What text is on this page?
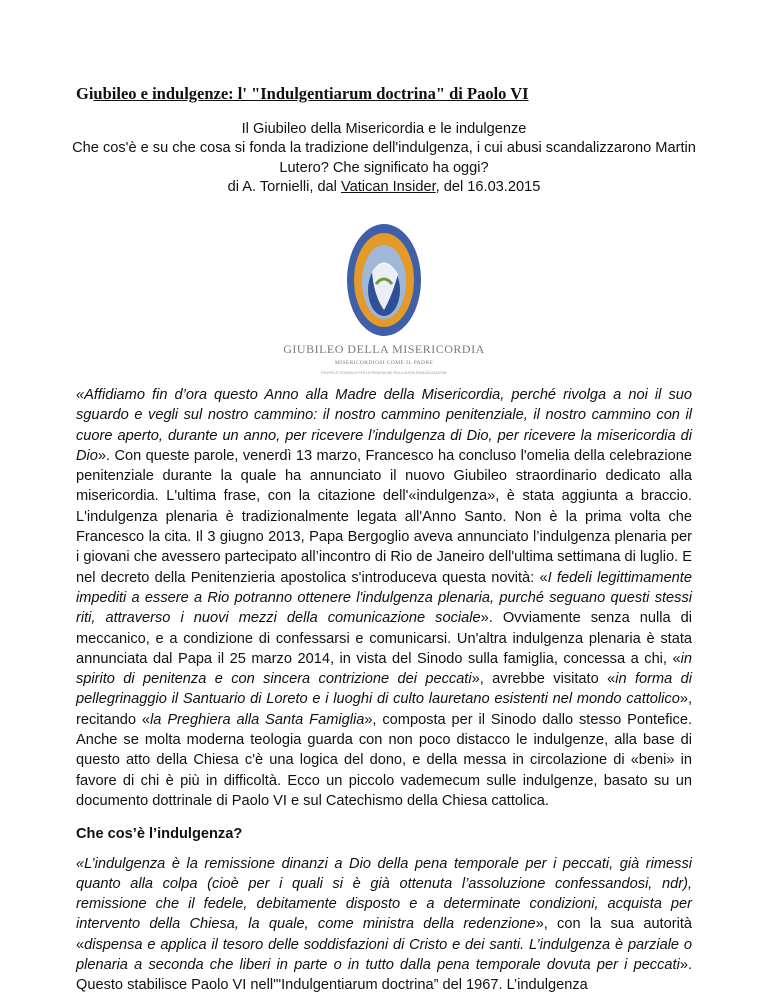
Giubileo e indulgenze: l' "Indulgentiarum doctrina" di Paolo VI
Il Giubileo della Misericordia e le indulgenze
Che cos'è e su che cosa si fonda la tradizione dell'indulgenza, i cui abusi scandalizzarono Martin Lutero? Che significato ha oggi?
di A. Tornielli, dal Vatican Insider, del 16.03.2015
MISERICORDIOSI COME IL PADRE
GIUBILEO DELLA MISERICORDIA
MISERICORDIOSI COME IL PADRE
PONTIFICIO CONSIGLIO PER LA PROMOZIONE DELLA NUOVA EVANGELIZZAZIONE

«Affidiamo fin d’ora questo Anno alla Madre della Misericordia, perché rivolga a noi il suo sguardo e vegli sul nostro cammino: il nostro cammino penitenziale, il nostro cammino con il cuore aperto, durante un anno, per ricevere l’indulgenza di Dio, per ricevere la misericordia di Dio». Con queste parole, venerdì 13 marzo, Francesco ha concluso l'omelia della celebrazione penitenziale durante la quale ha annunciato il nuovo Giubileo straordinario dedicato alla misericordia. L'ultima frase, con la citazione dell'«indulgenza», è stata aggiunta a braccio. L'indulgenza plenaria è tradizionalmente legata all'Anno Santo. Non è la prima volta che Francesco la cita. Il 3 giugno 2013, Papa Bergoglio aveva annunciato l’indulgenza plenaria per i giovani che avessero partecipato all’incontro di Rio de Janeiro dell'ultima settimana di luglio. E nel decreto della Penitenzieria apostolica s'introduceva questa novità: «I fedeli legittimamente impediti a essere a Rio potranno ottenere l'indulgenza plenaria, purché seguano questi stessi riti, attraverso i nuovi mezzi della comunicazione sociale». Ovviamente senza nulla di meccanico, e a condizione di confessarsi e comunicarsi. Un'altra indulgenza plenaria è stata annunciata dal Papa il 25 marzo 2014, in vista del Sinodo sulla famiglia, concessa a chi, «in spirito di penitenza e con sincera contrizione dei peccati», avrebbe visitato «in forma di pellegrinaggio il Santuario di Loreto e i luoghi di culto lauretano esistenti nel mondo cattolico», recitando «la Preghiera alla Santa Famiglia», composta per il Sinodo dallo stesso Pontefice. Anche se molta moderna teologia guarda con non poco distacco le indulgenze, alla base di questo atto della Chiesa c'è una logica del dono, e della messa in circolazione di «beni» in favore di chi è più in difficoltà. Ecco un piccolo vademecum sulle indulgenze, basato su un documento dottrinale di Paolo VI e sul Catechismo della Chiesa cattolica.

Che cos’è l’indulgenza?

«L’indulgenza è la remissione dinanzi a Dio della pena temporale per i peccati, già rimessi quanto alla colpa (cioè per i quali si è già ottenuta l’assoluzione confessandosi, ndr), remissione che il fedele, debitamente disposto e a determinate condizioni, acquista per intervento della Chiesa, la quale, come ministra della redenzione», con la sua autorità «dispensa e applica il tesoro delle soddisfazioni di Cristo e dei santi. L’indulgenza è parziale o plenaria a seconda che liberi in parte o in tutto dalla pena temporale dovuta per i peccati». Questo stabilisce Paolo VI nell'"Indulgentiarum doctrina” del 1967. L’indulgenza
